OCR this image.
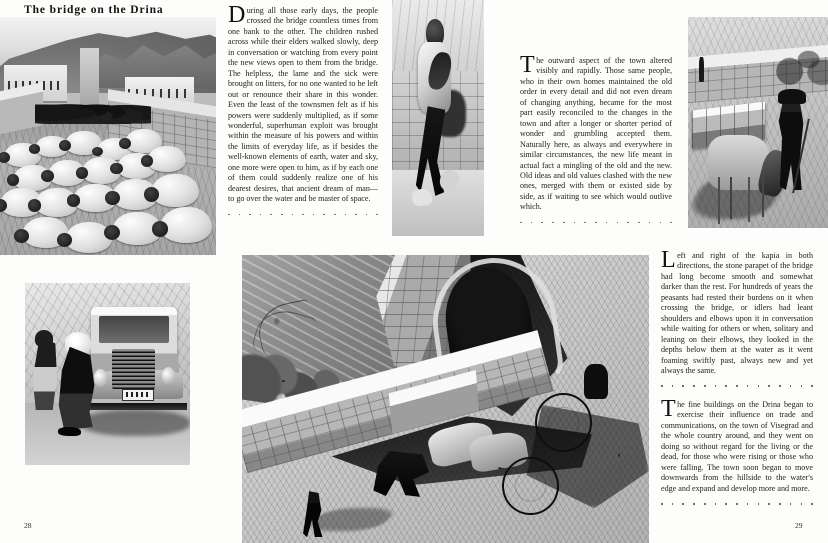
The bridge on the Drina	During all those early days, the people crossed the bridge countless times from one bank to the other. The children rushed across while their elders walked slowly, deep in conversation or watching from every point the new views open to them from the bridge. The helpless, the lame and the sick were brought on litters, for no one wanted to be left out or renounce their share in this wonder. Even the least of the townsmen felt as if his powers were suddenly multiplied, as if some wonderful, superhuman exploit was brought within the measure of his powers and within the limits of everyday life, as if besides the well-known elements of earth, water and sky, one more were open to him, as if by each one of them could suddenly realize one of his dearest desires, that ancient dream of man—to go over the water and be master of space.

The outward aspect of the town altered visibly and rapidly. Those same people, who in their own homes maintained the old order in every detail and did not even dream of changing anything, became for the most part easily reconciled to the changes in the town and after a longer or shorter period of wonder and grumbling accepted them. Naturally here, as always and everywhere in similar circumstances, the new life meant in actual fact a mingling of the old and the new. Old ideas and old values clashed with the new ones, merged with them or existed side by side, as if waiting to see which would outlive which.

Left and right of the kapia in both directions, the stone parapet of the bridge had long become smooth and somewhat darker than the rest. For hundreds of years the peasants had rested their burdens on it when crossing the bridge, or idlers had leant shoulders and elbows upon it in conversation while waiting for others or when, solitary and leaning on their elbows, they looked in the depths below them at the water as it went foaming swiftly past, always new and yet always the same.

The fine buildings on the Drina began to exercise their influence on trade and communications, on the town of Visegrad and the whole country around, and they went on doing so without regard for the living or the dead, for those who were rising or those who were falling. The town soon began to move downwards from the hillside to the water's edge and expand and develop more and more.

28	29
